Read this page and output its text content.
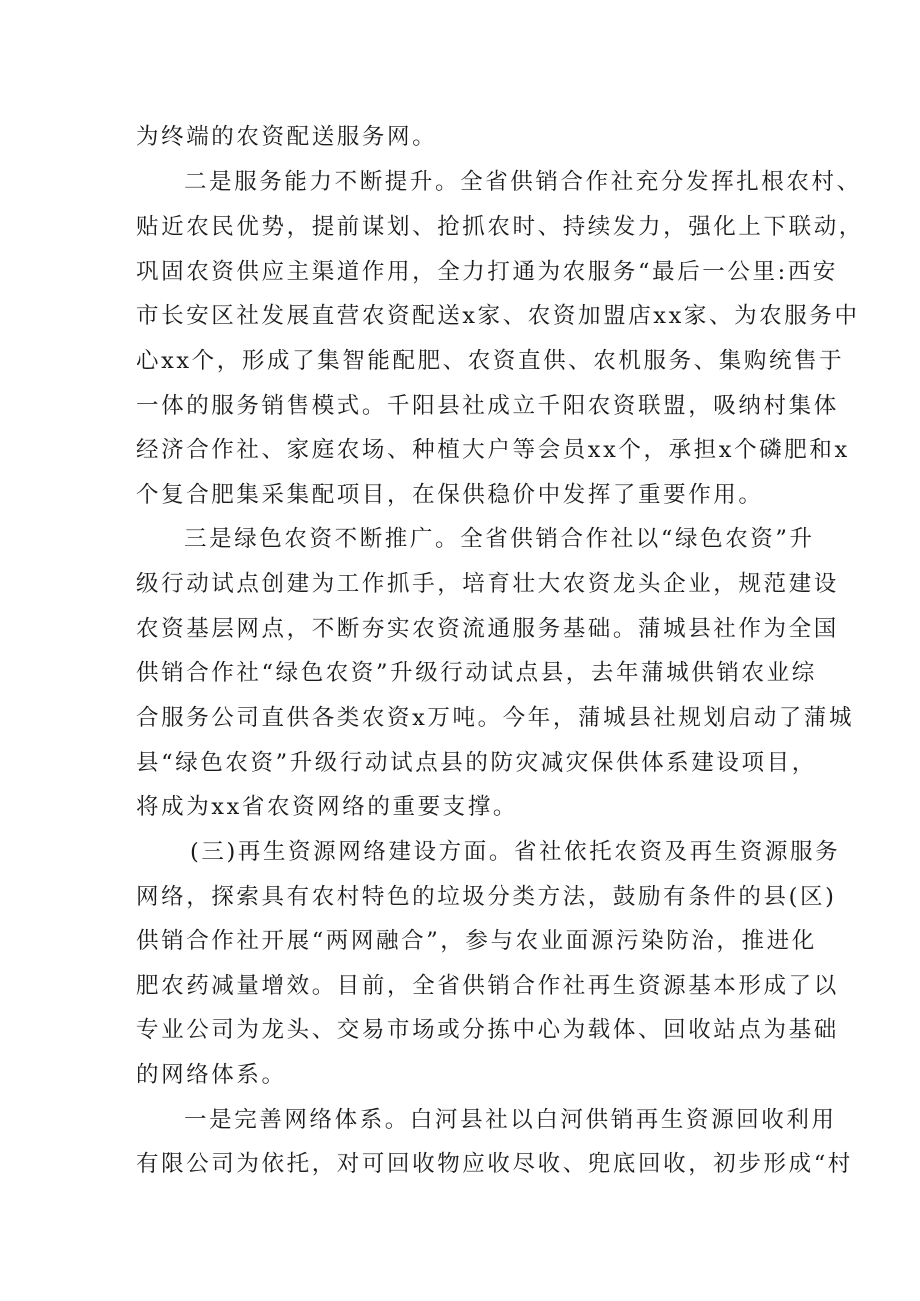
为终端的农资配送服务网。
二是服务能力不断提升。全省供销合作社充分发挥扎根农村、
贴近农民优势，提前谋划、抢抓农时、持续发力，强化上下联动，
巩固农资供应主渠道作用，全力打通为农服务“最后一公里:西安
市长安区社发展直营农资配送x家、农资加盟店xx家、为农服务中
心xx个，形成了集智能配肥、农资直供、农机服务、集购统售于
一体的服务销售模式。千阳县社成立千阳农资联盟，吸纳村集体
经济合作社、家庭农场、种植大户等会员xx个，承担x个磷肥和x
个复合肥集采集配项目，在保供稳价中发挥了重要作用。
三是绿色农资不断推广。全省供销合作社以“绿色农资”升
级行动试点创建为工作抓手，培育壮大农资龙头企业，规范建设
农资基层网点，不断夯实农资流通服务基础。蒲城县社作为全国
供销合作社“绿色农资”升级行动试点县，去年蒲城供销农业综
合服务公司直供各类农资x万吨。今年，蒲城县社规划启动了蒲城
县“绿色农资”升级行动试点县的防灾减灾保供体系建设项目，
将成为xx省农资网络的重要支撑。
(三)再生资源网络建设方面。省社依托农资及再生资源服务
网络，探索具有农村特色的垃圾分类方法，鼓励有条件的县(区)
供销合作社开展“两网融合”，参与农业面源污染防治，推进化
肥农药减量增效。目前，全省供销合作社再生资源基本形成了以
专业公司为龙头、交易市场或分拣中心为载体、回收站点为基础
的网络体系。
一是完善网络体系。白河县社以白河供销再生资源回收利用
有限公司为依托，对可回收物应收尽收、兜底回收，初步形成“村
